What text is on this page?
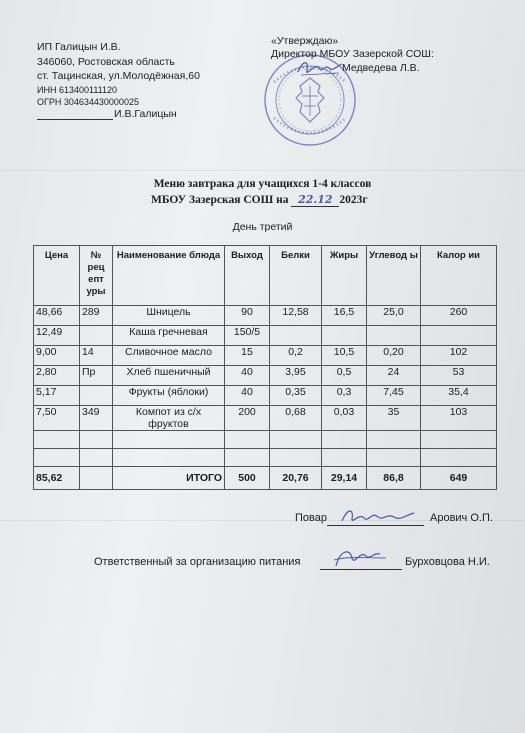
ИП Галицын И.В.
346060, Ростовская область
ст. Тацинская, ул.Молодёжная,60
ИНН 613400111120
ОГРН 304634430000025
И.В.Галицын
«Утверждаю»
Директор МБОУ Зазерской СОШ:
Медведева Л.В.
Меню завтрака для учащихся 1-4 классов
МБОУ Зазерская СОШ на 22.12 2023г
День третий
Цена	№ рец епт уры	Наименование блюда	Выход	Белки	Жиры	Углевод ы	Калор ии
48,66	289	Шницель	90	12,58	16,5	25,0	260
12,49		Каша гречневая	150/5				
9,00	14	Сливочное масло	15	0,2	10,5	0,20	102
2,80	Пр	Хлеб пшеничный	40	3,95	0,5	24	53
5,17		Фрукты (яблоки)	40	0,35	0,3	7,45	35,4
7,50	349	Компот из с/х фруктов	200	0,68	0,03	35	103

85,62		ИТОГО	500	20,76	29,14	86,8	649
Повар	Арович О.П.
Ответственный за организацию питания	Бурховцова Н.И.
